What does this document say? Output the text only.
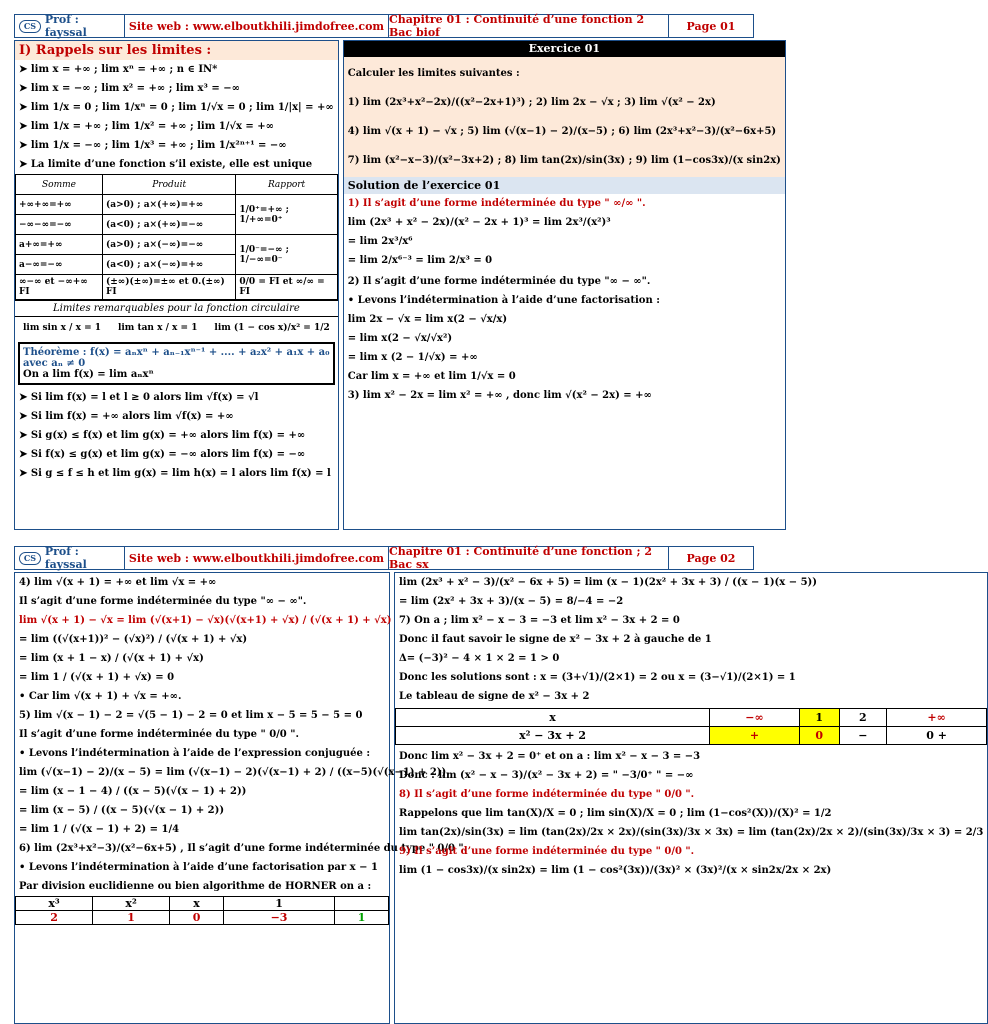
CS Prof : fayssal	Site web : www.elboutkhili.jimdofree.com Chapitre 01 : Continuité d’une fonction 2 Bac biof	Page 01
I) Rappels sur les limites :
➤ lim x = +∞ ; lim xⁿ = +∞ ; n ∈ IN*
➤ lim x = −∞ ; lim x² = +∞ ; lim x³ = −∞
➤ lim 1/x = 0 ; lim 1/xⁿ = 0 ; lim 1/√x = 0 ; lim 1/|x| = +∞
➤ lim 1/x = +∞ ; lim 1/x² = +∞ ; lim 1/√x = +∞
➤ lim 1/x = −∞ ; lim 1/x³ = +∞ ; lim 1/x²ⁿ⁺¹ = −∞
➤ La limite d’une fonction s’il existe, elle est unique
Somme	Produit	Rapport
+∞+∞=+∞	(a>0) ; a×(+∞)=+∞	1/0⁺=+∞ ; 1/+∞=0⁺
−∞−∞=−∞	(a<0) ; a×(+∞)=−∞	
a+∞=+∞	(a>0) ; a×(−∞)=−∞	1/0⁻=−∞ ; 1/−∞=0⁻
a−∞=−∞	(a<0) ; a×(−∞)=+∞	
∞−∞ et −∞+∞ FI	(±∞)(±∞)=±∞ et 0.(±∞) FI	0/0 = FI et ∞/∞ = FI
Limites remarquables pour la fonction circulaire
lim sin x / x = 1 lim tan x / x = 1 lim (1 − cos x)/x² = 1/2
Théorème : f(x) = aₙxⁿ + aₙ₋₁xⁿ⁻¹ + .... + a₂x² + a₁x + a₀ avec aₙ ≠ 0
On a lim f(x) = lim aₙxⁿ
➤ Si lim f(x) = l et l ≥ 0 alors lim √f(x) = √l
➤ Si lim f(x) = +∞ alors lim √f(x) = +∞
➤ Si g(x) ≤ f(x) et lim g(x) = +∞ alors lim f(x) = +∞
➤ Si f(x) ≤ g(x) et lim g(x) = −∞ alors lim f(x) = −∞
➤ Si g ≤ f ≤ h et lim g(x) = lim h(x) = l alors lim f(x) = l
Exercice 01
Calculer les limites suivantes :
1) lim (2x³+x²−2x)/((x²−2x+1)³) ; 2) lim 2x − √x ; 3) lim √(x² − 2x)
4) lim √(x + 1) − √x ; 5) lim (√(x−1) − 2)/(x−5) ; 6) lim (2x³+x²−3)/(x²−6x+5)
7) lim (x²−x−3)/(x²−3x+2) ; 8) lim tan(2x)/sin(3x) ; 9) lim (1−cos3x)/(x sin2x)
Solution de l’exercice 01
1) Il s’agit d’une forme indéterminée du type " ∞/∞ ".
lim (2x³ + x² − 2x)/(x² − 2x + 1)³ = lim 2x³/(x²)³
= lim 2x³/x⁶
= lim 2/x⁶⁻³ = lim 2/x³ = 0
2) Il s’agit d’une forme indéterminée du type "∞ − ∞".
• Levons l’indétermination à l’aide d’une factorisation :
lim 2x − √x = lim x(2 − √x/x)
= lim x(2 − √x/√x²)
= lim x (2 − 1/√x) = +∞
Car lim x = +∞ et lim 1/√x = 0
3) lim x² − 2x = lim x² = +∞ , donc lim √(x² − 2x) = +∞
CS Prof : fayssal	Site web : www.elboutkhili.jimdofree.com Chapitre 01 : Continuité d’une fonction ; 2 Bac sx	Page 02
4) lim √(x + 1) = +∞ et lim √x = +∞
Il s’agit d’une forme indéterminée du type "∞ − ∞".
lim √(x + 1) − √x = lim (√(x+1) − √x)(√(x+1) + √x) / (√(x + 1) + √x)
= lim ((√(x+1))² − (√x)²) / (√(x + 1) + √x)
= lim (x + 1 − x) / (√(x + 1) + √x)
= lim 1 / (√(x + 1) + √x) = 0
• Car lim √(x + 1) + √x = +∞.
5) lim √(x − 1) − 2 = √(5 − 1) − 2 = 0 et lim x − 5 = 5 − 5 = 0
Il s’agit d’une forme indéterminée du type " 0/0 ".
• Levons l’indétermination à l’aide de l’expression conjuguée :
lim (√(x−1) − 2)/(x − 5) = lim (√(x−1) − 2)(√(x−1) + 2) / ((x−5)(√(x−1) + 2))
= lim (x − 1 − 4) / ((x − 5)(√(x − 1) + 2))
= lim (x − 5) / ((x − 5)(√(x − 1) + 2))
= lim 1 / (√(x − 1) + 2) = 1/4
6) lim (2x³+x²−3)/(x²−6x+5) , Il s’agit d’une forme indéterminée du type " 0/0 ".
• Levons l’indétermination à l’aide d’une factorisation par x − 1
Par division euclidienne ou bien algorithme de HORNER on a :
x³	x²	x	1	
2	1	0	−3	1
lim (2x³ + x² − 3)/(x² − 6x + 5) = lim (x − 1)(2x² + 3x + 3) / ((x − 1)(x − 5))
= lim (2x² + 3x + 3)/(x − 5) = 8/−4 = −2
7) On a ; lim x² − x − 3 = −3 et lim x² − 3x + 2 = 0
Donc il faut savoir le signe de x² − 3x + 2 à gauche de 1
Δ= (−3)² − 4 × 1 × 2 = 1 > 0
Donc les solutions sont : x = (3+√1)/(2×1) = 2 ou x = (3−√1)/(2×1) = 1
Le tableau de signe de x² − 3x + 2
x	−∞	1	2	+∞
x² − 3x + 2	+	0	−	0 +
Donc lim x² − 3x + 2 = 0⁺ et on a : lim x² − x − 3 = −3
Donc : lim (x² − x − 3)/(x² − 3x + 2) = " −3/0⁺ " = −∞
8) Il s’agit d’une forme indéterminée du type " 0/0 ".
Rappelons que lim tan(X)/X = 0 ; lim sin(X)/X = 0 ; lim (1−cos²(X))/(X)² = 1/2
lim tan(2x)/sin(3x) = lim (tan(2x)/2x × 2x)/(sin(3x)/3x × 3x) = lim (tan(2x)/2x × 2)/(sin(3x)/3x × 3) = 2/3
9) Il s’agit d’une forme indéterminée du type " 0/0 ".
lim (1 − cos3x)/(x sin2x) = lim (1 − cos²(3x))/(3x)² × (3x)²/(x × sin2x/2x × 2x)
